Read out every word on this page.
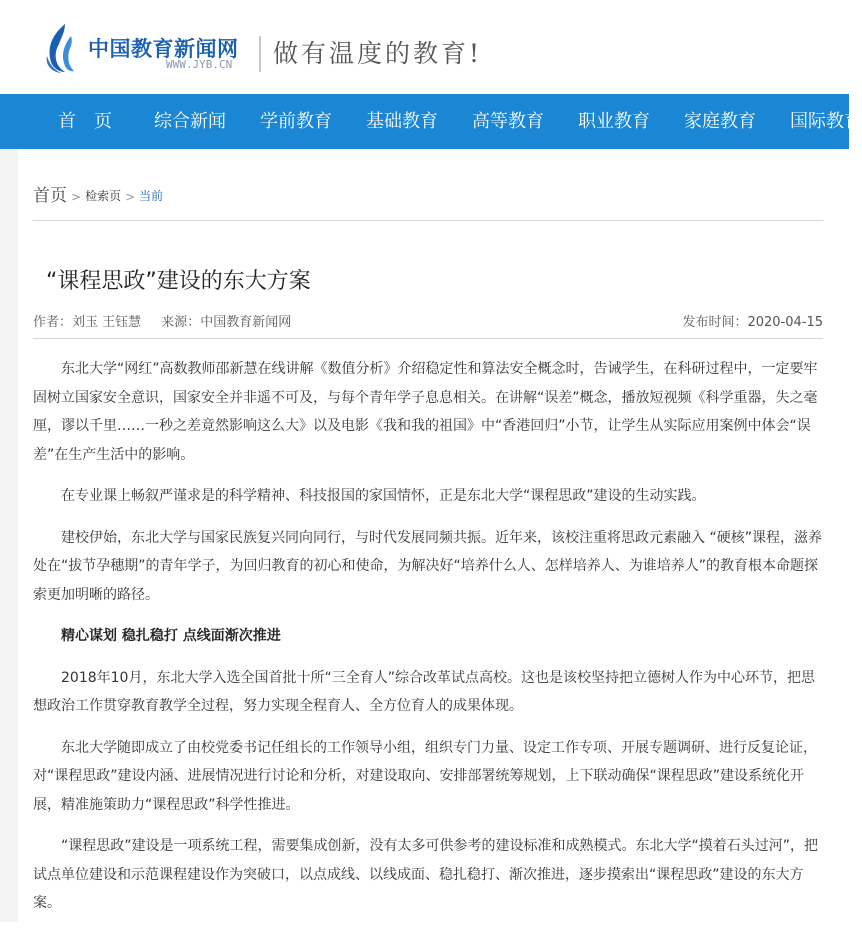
中国教育新闻网
WWW.JYB.CN 做有温度的教育!
首　页 综合新闻 学前教育 基础教育 高等教育 职业教育 家庭教育 国际教育
首页 > 检索页 > 当前
“课程思政”建设的东大方案
作者：刘玉 王钰慧 来源：中国教育新闻网	发布时间：2020-04-15

东北大学“网红”高数教师邵新慧在线讲解《数值分析》介绍稳定性和算法安全概念时，告诫学生，在科研过程中，一定要牢固树立国家安全意识，国家安全并非遥不可及，与每个青年学子息息相关。在讲解“误差”概念，播放短视频《科学重器，失之毫厘，谬以千里……一秒之差竟然影响这么大》以及电影《我和我的祖国》中“香港回归”小节，让学生从实际应用案例中体会“误差”在生产生活中的影响。

在专业课上畅叙严谨求是的科学精神、科技报国的家国情怀，正是东北大学“课程思政”建设的生动实践。

建校伊始，东北大学与国家民族复兴同向同行，与时代发展同频共振。近年来，该校注重将思政元素融入 “硬核”课程，滋养处在“拔节孕穗期”的青年学子，为回归教育的初心和使命，为解决好“培养什么人、怎样培养人、为谁培养人”的教育根本命题探索更加明晰的路径。

精心谋划 稳扎稳打 点线面渐次推进

2018年10月，东北大学入选全国首批十所“三全育人”综合改革试点高校。这也是该校坚持把立德树人作为中心环节，把思想政治工作贯穿教育教学全过程，努力实现全程育人、全方位育人的成果体现。

东北大学随即成立了由校党委书记任组长的工作领导小组，组织专门力量、设定工作专项、开展专题调研、进行反复论证，对“课程思政”建设内涵、进展情况进行讨论和分析，对建设取向、安排部署统筹规划，上下联动确保“课程思政”建设系统化开展，精准施策助力“课程思政”科学性推进。

“课程思政”建设是一项系统工程，需要集成创新，没有太多可供参考的建设标准和成熟模式。东北大学“摸着石头过河”，把试点单位建设和示范课程建设作为突破口，以点成线、以线成面、稳扎稳打、渐次推进，逐步摸索出“课程思政”建设的东大方案。
